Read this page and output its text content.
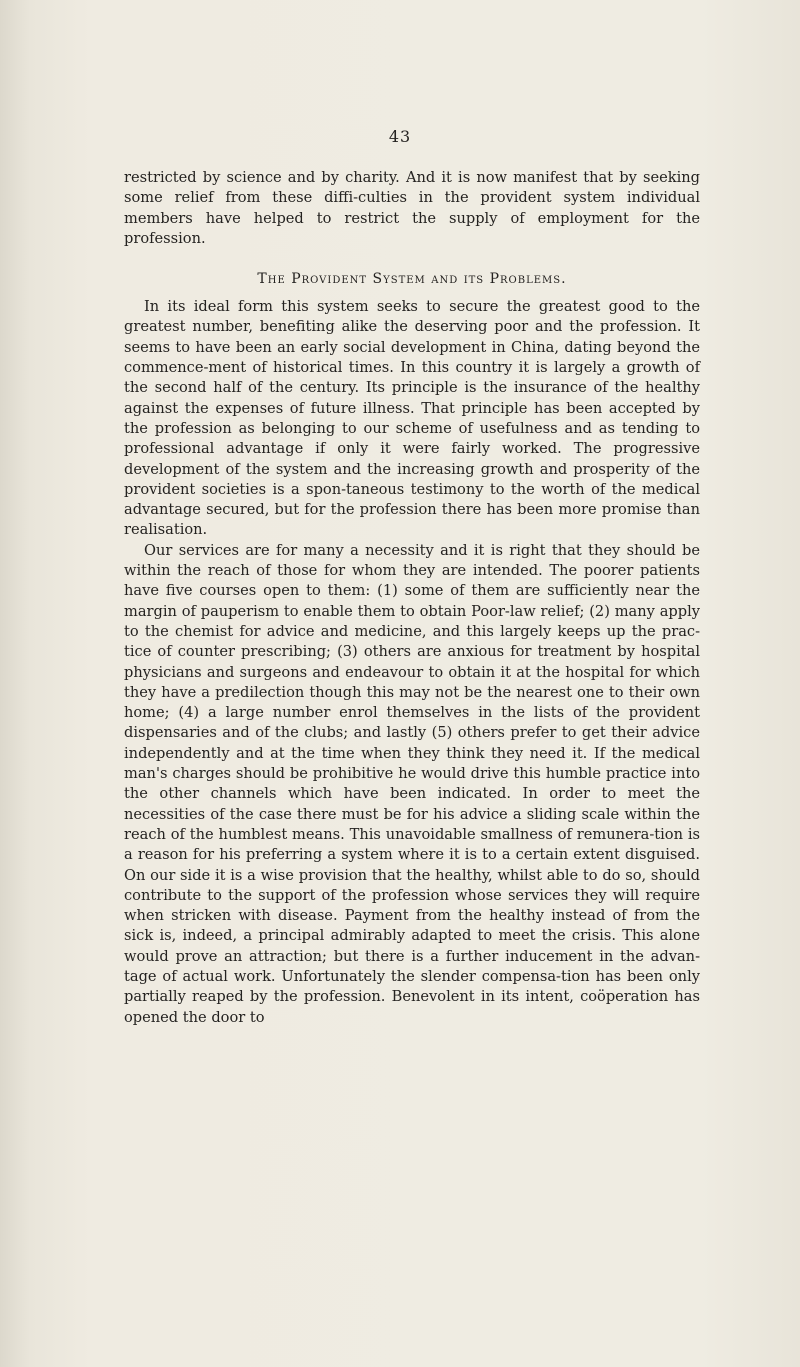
43

restricted by science and by charity. And it is now manifest that by seeking some relief from these diffi-culties in the provident system individual members have helped to restrict the supply of employment for the profession.

The Provident System and its Problems.

In its ideal form this system seeks to secure the greatest good to the greatest number, benefiting alike the deserving poor and the profession. It seems to have been an early social development in China, dating beyond the commence-ment of historical times. In this country it is largely a growth of the second half of the century. Its principle is the insurance of the healthy against the expenses of future illness. That principle has been accepted by the profession as belonging to our scheme of usefulness and as tending to professional advantage if only it were fairly worked. The progressive development of the system and the increasing growth and prosperity of the provident societies is a spon-taneous testimony to the worth of the medical advantage secured, but for the profession there has been more promise than realisation.

Our services are for many a necessity and it is right that they should be within the reach of those for whom they are intended. The poorer patients have five courses open to them: (1) some of them are sufficiently near the margin of pauperism to enable them to obtain Poor-law relief; (2) many apply to the chemist for advice and medicine, and this largely keeps up the prac-tice of counter prescribing; (3) others are anxious for treatment by hospital physicians and surgeons and endeavour to obtain it at the hospital for which they have a predilection though this may not be the nearest one to their own home; (4) a large number enrol themselves in the lists of the provident dispensaries and of the clubs; and lastly (5) others prefer to get their advice independently and at the time when they think they need it. If the medical man's charges should be prohibitive he would drive this humble practice into the other channels which have been indicated. In order to meet the necessities of the case there must be for his advice a sliding scale within the reach of the humblest means. This unavoidable smallness of remunera-tion is a reason for his preferring a system where it is to a certain extent disguised. On our side it is a wise provision that the healthy, whilst able to do so, should contribute to the support of the profession whose services they will require when stricken with disease. Payment from the healthy instead of from the sick is, indeed, a principal admirably adapted to meet the crisis. This alone would prove an attraction; but there is a further inducement in the advan-tage of actual work. Unfortunately the slender compensa-tion has been only partially reaped by the profession. Benevolent in its intent, coöperation has opened the door to
